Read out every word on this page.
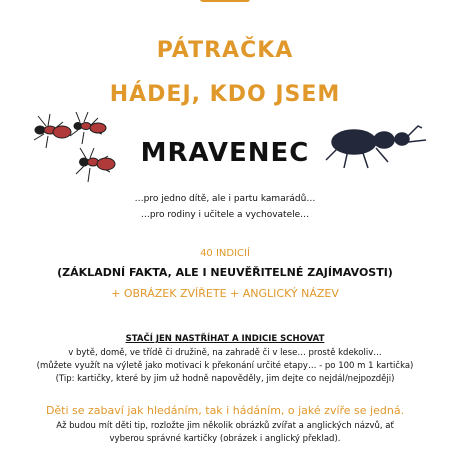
PÁTRAČKA
HÁDEJ, KDO JSEM
MRAVENEC
…pro jedno dítě, ale i partu kamarádů…
…pro rodiny i učitele a vychovatele…
40 INDICIÍ
(ZÁKLADNÍ FAKTA, ALE I NEUVĚŘITELNÉ ZAJÍMAVOSTI)
+ OBRÁZEK ZVÍŘETE + ANGLICKÝ NÁZEV
STAČÍ JEN NASTŘÍHAT A INDICIE SCHOVAT
v bytě, domě, ve třídě či družině, na zahradě či v lese… prostě kdekoliv…
(můžete využít na výletě jako motivaci k překonání určité etapy… - po 100 m 1 kartička)
(Tip: kartičky, které by jim už hodně napověděly, jim dejte co nejdál/nejpozději)
Děti se zabaví jak hledáním, tak i hádáním, o jaké zvíře se jedná.
Až budou mít děti tip, rozložte jim několik obrázků zvířat a anglických názvů, ať
vyberou správné kartičky (obrázek i anglický překlad).
